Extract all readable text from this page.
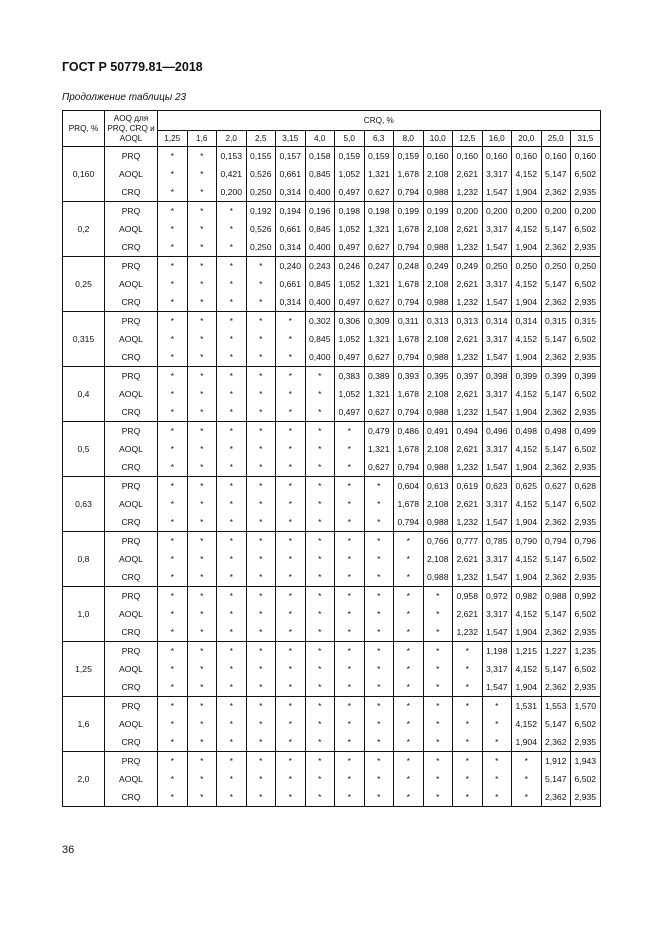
ГОСТ Р 50779.81—2018
Продолжение таблицы 23
PRQ, %	AOQ для PRQ, CRQ и AOQL	CRQ, %														
		1,25	1,6	2,0	2,5	3,15	4,0	5,0	6,3	8,0	10,0	12,5	16,0	20,0	25,0	31,5
0,160	PRQ	*	*	0,153	0,155	0,157	0,158	0,159	0,159	0,159	0,160	0,160	0,160	0,160	0,160	0,160
	AOQL	*	*	0,421	0,526	0,661	0,845	1,052	1,321	1,678	2,108	2,621	3,317	4,152	5,147	6,502
	CRQ	*	*	0,200	0,250	0,314	0,400	0,497	0,627	0,794	0,988	1,232	1,547	1,904	2,362	2,935
0,2	PRQ	*	*	*	0,192	0,194	0,196	0,198	0,198	0,199	0,199	0,200	0,200	0,200	0,200	0,200
	AOQL	*	*	*	0,526	0,661	0,845	1,052	1,321	1,678	2,108	2,621	3,317	4,152	5,147	6,502
	CRQ	*	*	*	0,250	0,314	0,400	0,497	0,627	0,794	0,988	1,232	1,547	1,904	2,362	2,935
0,25	PRQ	*	*	*	*	0,240	0,243	0,246	0,247	0,248	0,249	0,249	0,250	0,250	0,250	0,250
	AOQL	*	*	*	*	0,661	0,845	1,052	1,321	1,678	2,108	2,621	3,317	4,152	5,147	6,502
	CRQ	*	*	*	*	0,314	0,400	0,497	0,627	0,794	0,988	1,232	1,547	1,904	2,362	2,935
0,315	PRQ	*	*	*	*	*	0,302	0,306	0,309	0,311	0,313	0,313	0,314	0,314	0,315	0,315
	AOQL	*	*	*	*	*	0,845	1,052	1,321	1,678	2,108	2,621	3,317	4,152	5,147	6,502
	CRQ	*	*	*	*	*	0,400	0,497	0,627	0,794	0,988	1,232	1,547	1,904	2,362	2,935
0,4	PRQ	*	*	*	*	*	*	0,383	0,389	0,393	0,395	0,397	0,398	0,399	0,399	0,399
	AOQL	*	*	*	*	*	*	1,052	1,321	1,678	2,108	2,621	3,317	4,152	5,147	6,502
	CRQ	*	*	*	*	*	*	0,497	0,627	0,794	0,988	1,232	1,547	1,904	2,362	2,935
0,5	PRQ	*	*	*	*	*	*	*	0,479	0,486	0,491	0,494	0,496	0,498	0,498	0,499
	AOQL	*	*	*	*	*	*	*	1,321	1,678	2,108	2,621	3,317	4,152	5,147	6,502
	CRQ	*	*	*	*	*	*	*	0,627	0,794	0,988	1,232	1,547	1,904	2,362	2,935
0,63	PRQ	*	*	*	*	*	*	*	*	0,604	0,613	0,619	0,623	0,625	0,627	0,628
	AOQL	*	*	*	*	*	*	*	*	1,678	2,108	2,621	3,317	4,152	5,147	6,502
	CRQ	*	*	*	*	*	*	*	*	0,794	0,988	1,232	1,547	1,904	2,362	2,935
0,8	PRQ	*	*	*	*	*	*	*	*	*	0,766	0,777	0,785	0,790	0,794	0,796
	AOQL	*	*	*	*	*	*	*	*	*	2,108	2,621	3,317	4,152	5,147	6,502
	CRQ	*	*	*	*	*	*	*	*	*	0,988	1,232	1,547	1,904	2,362	2,935
1,0	PRQ	*	*	*	*	*	*	*	*	*	*	0,958	0,972	0,982	0,988	0,992
	AOQL	*	*	*	*	*	*	*	*	*	*	2,621	3,317	4,152	5,147	6,502
	CRQ	*	*	*	*	*	*	*	*	*	*	1,232	1,547	1,904	2,362	2,935
1,25	PRQ	*	*	*	*	*	*	*	*	*	*	*	1,198	1,215	1,227	1,235
	AOQL	*	*	*	*	*	*	*	*	*	*	*	3,317	4,152	5,147	6,502
	CRQ	*	*	*	*	*	*	*	*	*	*	*	1,547	1,904	2,362	2,935
1,6	PRQ	*	*	*	*	*	*	*	*	*	*	*	*	1,531	1,553	1,570
	AOQL	*	*	*	*	*	*	*	*	*	*	*	*	4,152	5,147	6,502
	CRQ	*	*	*	*	*	*	*	*	*	*	*	*	1,904	2,362	2,935
2,0	PRQ	*	*	*	*	*	*	*	*	*	*	*	*	*	1,912	1,943
	AOQL	*	*	*	*	*	*	*	*	*	*	*	*	*	5,147	6,502
	CRQ	*	*	*	*	*	*	*	*	*	*	*	*	*	2,362	2,935
36
